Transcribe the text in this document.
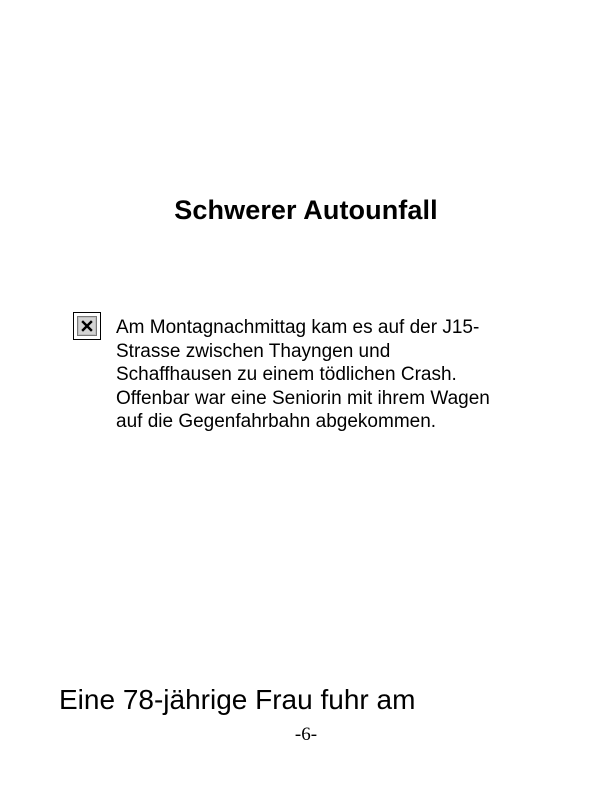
Schwerer Autounfall
Am Montagnachmittag kam es auf der J15-
Strasse zwischen Thayngen und
Schaffhausen zu einem tödlichen Crash.
Offenbar war eine Seniorin mit ihrem Wagen
auf die Gegenfahrbahn abgekommen.
Eine 78-jährige Frau fuhr am
-6-
